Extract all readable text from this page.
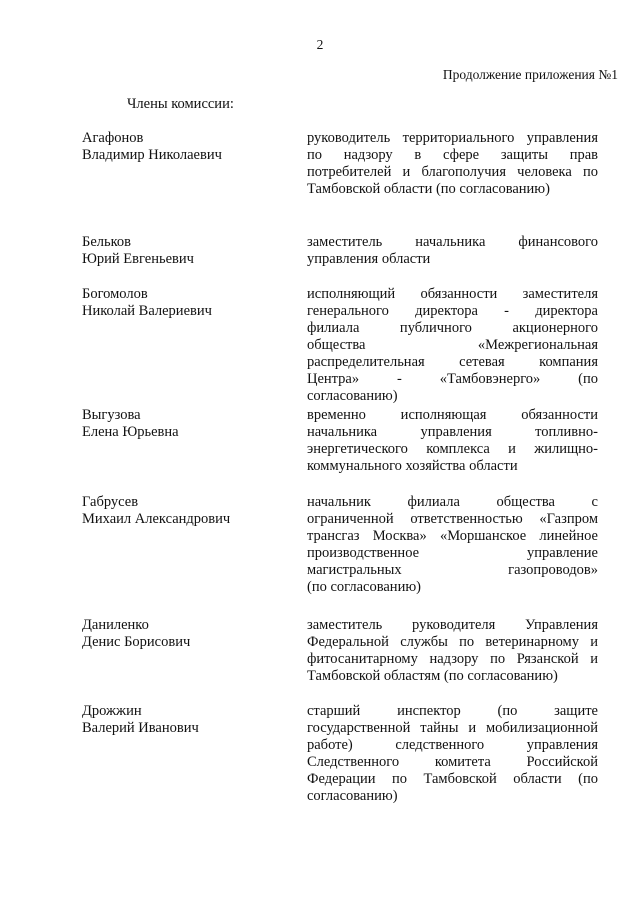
2
Продолжение приложения №1
Члены комиссии:
Агафонов
Владимир Николаевич
руководитель территориального управления
по надзору в сфере защиты прав
потребителей и благополучия человека по
Тамбовской области (по согласованию)
Бельков
Юрий Евгеньевич
заместитель начальника финансового
управления области
Богомолов
Николай Валериевич
исполняющий обязанности заместителя
генерального директора - директора
филиала публичного акционерного
общества «Межрегиональная
распределительная сетевая компания
Центра» - «Тамбовэнерго» (по
согласованию)
Выгузова
Елена Юрьевна
временно исполняющая обязанности
начальника управления топливно-
энергетического комплекса и жилищно-
коммунального хозяйства области
Габрусев
Михаил Александрович
начальник филиала общества с
ограниченной ответственностью «Газпром
трансгаз Москва» «Моршанское линейное
производственное управление
магистральных газопроводов»
(по согласованию)
Даниленко
Денис Борисович
заместитель руководителя Управления
Федеральной службы по ветеринарному и
фитосанитарному надзору по Рязанской и
Тамбовской областям (по согласованию)
Дрожжин
Валерий Иванович
старший инспектор (по защите
государственной тайны и мобилизационной
работе) следственного управления
Следственного комитета Российской
Федерации по Тамбовской области (по
согласованию)
